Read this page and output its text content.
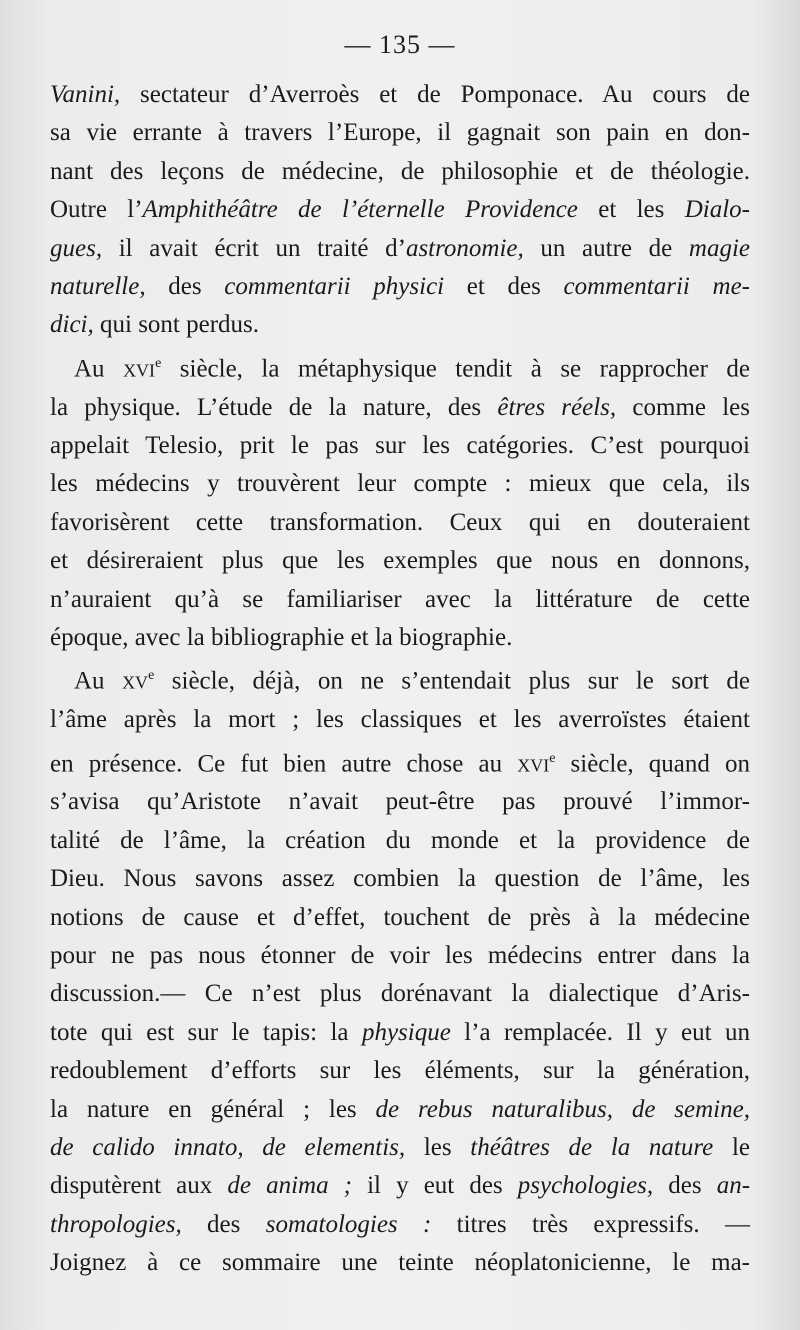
— 135 —
Vanini, sectateur d’Averroès et de Pomponace. Au cours de
sa vie errante à travers l’Europe, il gagnait son pain en don-
nant des leçons de médecine, de philosophie et de théologie.
Outre l’Amphithéâtre de l’éternelle Providence et les Dialo-
gues, il avait écrit un traité d’astronomie, un autre de magie
naturelle, des commentarii physici et des commentarii me-
dici, qui sont perdus.
Au xvi$^e$ siècle, la métaphysique tendit à se rapprocher de
la physique. L’étude de la nature, des êtres réels, comme les
appelait Telesio, prit le pas sur les catégories. C’est pourquoi
les médecins y trouvèrent leur compte : mieux que cela, ils
favorisèrent cette transformation. Ceux qui en douteraient
et désireraient plus que les exemples que nous en donnons,
n’auraient qu’à se familiariser avec la littérature de cette
époque, avec la bibliographie et la biographie.
Au $xv^e$ siècle, déjà, on ne s’entendait plus sur le sort de
l’âme après la mort ; les classiques et les averroïstes étaient
en présence. Ce fut bien autre chose au xvi$^e$ siècle, quand on
s’avisa qu’Aristote n’avait peut-être pas prouvé l’immor-
talité de l’âme, la création du monde et la providence de
Dieu. Nous savons assez combien la question de l’âme, les
notions de cause et d’effet, touchent de près à la médecine
pour ne pas nous étonner de voir les médecins entrer dans la
discussion.— Ce n’est plus dorénavant la dialectique d’Aris-
tote qui est sur le tapis: la physique l’a remplacée. Il y eut un
redoublement d’efforts sur les éléments, sur la génération,
la nature en général ; les de rebus naturalibus, de semine,
de calido innato, de elementis, les théâtres de la nature le
disputèrent aux de anima ; il y eut des psychologies, des an-
thropologies, des somatologies : titres très expressifs. —
Joignez à ce sommaire une teinte néoplatonicienne, le ma-
